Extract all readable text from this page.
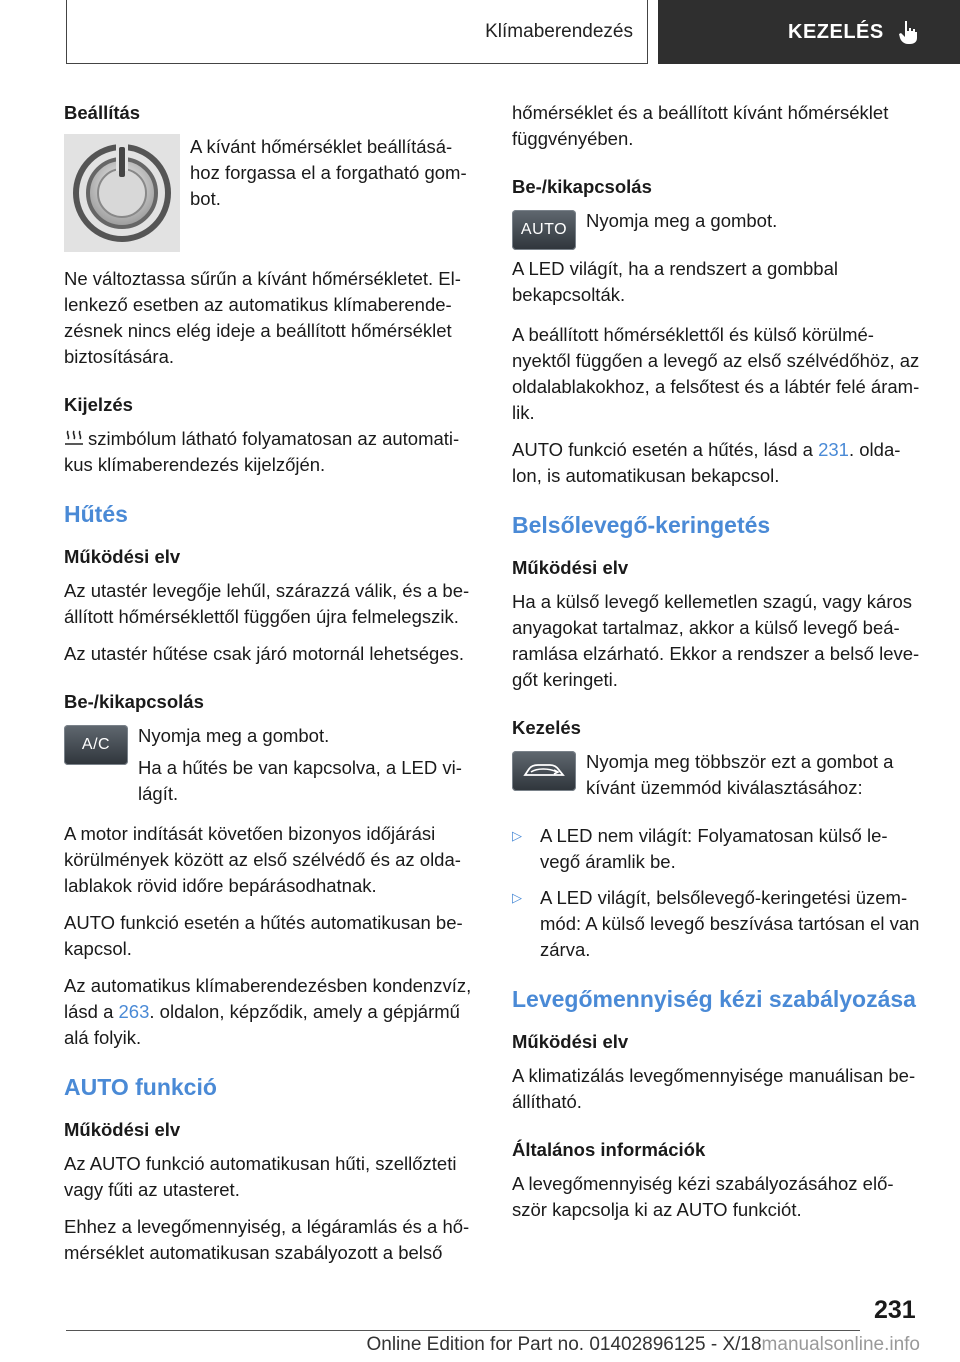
Klímaberendezés	KEZELÉS

Beállítás

A kívánt hőmérséklet beállításá-hoz forgassa el a forgatható gom-bot.

Ne változtassa sűrűn a kívánt hőmérsékletet. El-lenkező esetben az automatikus klímaberende-zésnek nincs elég ideje a beállított hőmérséklet biztosítására.

Kijelzés

szimbólum látható folyamatosan az automati-kus klímaberendezés kijelzőjén.

Hűtés

Működési elv

Az utastér levegője lehűl, szárazzá válik, és a be-állított hőmérséklettől függően újra felmelegszik.

Az utastér hűtése csak járó motornál lehetséges.

Be-/kikapcsolás

A/C	Nyomja meg a gombot.

Ha a hűtés be van kapcsolva, a LED vi-lágít.

A motor indítását követően bizonyos időjárási körülmények között az első szélvédő és az olda-lablakok rövid időre bepárásodhatnak.

AUTO funkció esetén a hűtés automatikusan be-kapcsol.

Az automatikus klímaberendezésben kondenzvíz, lásd a 263. oldalon, képződik, amely a gépjármű alá folyik.

AUTO funkció

Működési elv

Az AUTO funkció automatikusan hűti, szellőzteti vagy fűti az utasteret.

Ehhez a levegőmennyiség, a légáramlás és a hő-mérséklet automatikusan szabályozott a belső

hőmérséklet és a beállított kívánt hőmérséklet függvényében.

Be-/kikapcsolás

AUTO	Nyomja meg a gombot.

A LED világít, ha a rendszert a gombbal bekapcsolták.

A beállított hőmérséklettől és külső körülmé-nyektől függően a levegő az első szélvédőhöz, az oldalablakokhoz, a felsőtest és a lábtér felé áram-lik.

AUTO funkció esetén a hűtés, lásd a 231. olda-lon, is automatikusan bekapcsol.

Belsőlevegő-keringetés

Működési elv

Ha a külső levegő kellemetlen szagú, vagy káros anyagokat tartalmaz, akkor a külső levegő beá-ramlása elzárható. Ekkor a rendszer a belső leve-gőt keringeti.

Kezelés

Nyomja meg többször ezt a gombot a kívánt üzemmód kiválasztásához:

▷ A LED nem világít: Folyamatosan külső le-vegő áramlik be.
▷ A LED világít, belsőlevegő-keringetési üzem-mód: A külső levegő beszívása tartósan el van zárva.
Levegőmennyiség kézi szabályozása

Működési elv

A klimatizálás levegőmennyisége manuálisan be-állítható.

Általános információk

A levegőmennyiség kézi szabályozásához elő-ször kapcsolja ki az AUTO funkciót.

231
Online Edition for Part no. 01402896125 - X/18manualsonline.info
